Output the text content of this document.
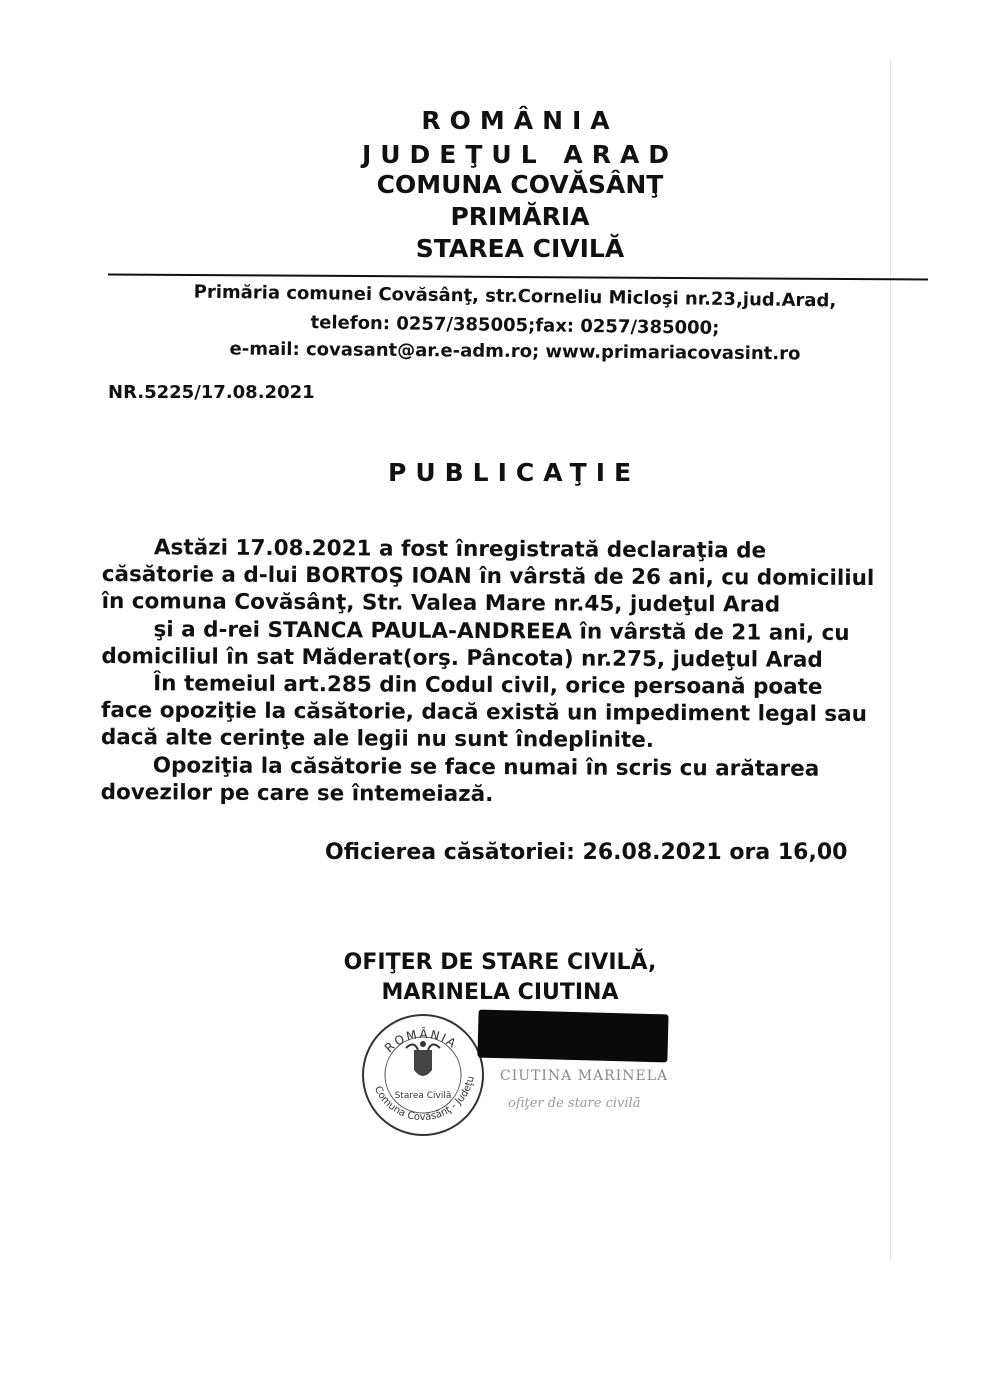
ROMÂNIA
JUDEŢUL ARAD
COMUNA COVĂSÂNŢ
PRIMĂRIA
STAREA CIVILĂ
Primăria comunei Covăsânţ, str.Corneliu Micloşi nr.23,jud.Arad,
telefon: 0257/385005;fax: 0257/385000;
e-mail: covasant@ar.e-adm.ro; www.primariacovasint.ro
NR.5225/17.08.2021
PUBLICAŢIE
Astăzi 17.08.2021 a fost înregistrată declaraţia de
căsătorie a d-lui BORTOŞ IOAN în vârstă de 26 ani, cu domiciliul
în comuna Covăsânţ, Str. Valea Mare nr.45, judeţul Arad
şi a d-rei STANCA PAULA-ANDREEA în vârstă de 21 ani, cu
domiciliul în sat Măderat(orş. Pâncota) nr.275, judeţul Arad
În temeiul art.285 din Codul civil, orice persoană poate
face opoziţie la căsătorie, dacă există un impediment legal sau
dacă alte cerinţe ale legii nu sunt îndeplinite.
Opoziţia la căsătorie se face numai în scris cu arătarea
dovezilor pe care se întemeiază.
Oficierea căsătoriei: 26.08.2021 ora 16,00
OFIŢER DE STARE CIVILĂ,
MARINELA CIUTINA
ROMÂNIA
Comuna Covăsânţ - Judeţu
Starea Civilă
CIUTINA MARINELA
ofiţer de stare civilă
